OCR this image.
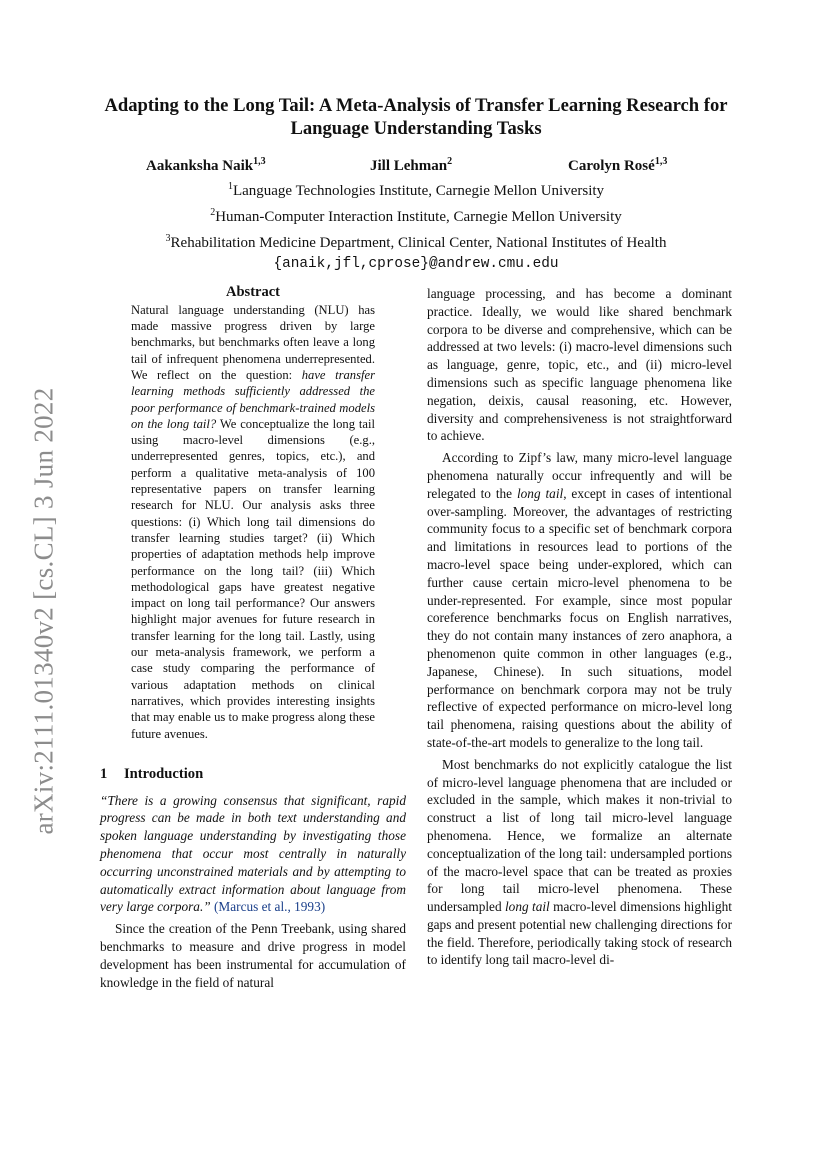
arXiv:2111.01340v2 [cs.CL] 3 Jun 2022
Adapting to the Long Tail: A Meta-Analysis of Transfer Learning Research for Language Understanding Tasks
Aakanksha Naik$^{1,3}$	Jill Lehman$^2$	Carolyn Rosé$^{1,3}$
$^1$Language Technologies Institute, Carnegie Mellon University
$^2$Human-Computer Interaction Institute, Carnegie Mellon University
$^3$Rehabilitation Medicine Department, Clinical Center, National Institutes of Health
{anaik,jfl,cprose}@andrew.cmu.edu

Abstract

Natural language understanding (NLU) has made massive progress driven by large benchmarks, but benchmarks often leave a long tail of infrequent phenomena underrepresented. We reflect on the question: have transfer learning methods sufficiently addressed the poor performance of benchmark-trained models on the long tail? We conceptualize the long tail using macro-level dimensions (e.g., underrepresented genres, topics, etc.), and perform a qualitative meta-analysis of 100 representative papers on transfer learning research for NLU. Our analysis asks three questions: (i) Which long tail dimensions do transfer learning studies target? (ii) Which properties of adaptation methods help improve performance on the long tail? (iii) Which methodological gaps have greatest negative impact on long tail performance? Our answers highlight major avenues for future research in transfer learning for the long tail. Lastly, using our meta-analysis framework, we perform a case study comparing the performance of various adaptation methods on clinical narratives, which provides interesting insights that may enable us to make progress along these future avenues.

1 Introduction

“There is a growing consensus that significant, rapid progress can be made in both text understanding and spoken language understanding by investigating those phenomena that occur most centrally in naturally occurring unconstrained materials and by attempting to automatically extract information about language from very large corpora.” (Marcus et al., 1993)

Since the creation of the Penn Treebank, using shared benchmarks to measure and drive progress in model development has been instrumental for accumulation of knowledge in the field of natural

language processing, and has become a dominant practice. Ideally, we would like shared benchmark corpora to be diverse and comprehensive, which can be addressed at two levels: (i) macro-level dimensions such as language, genre, topic, etc., and (ii) micro-level dimensions such as specific language phenomena like negation, deixis, causal reasoning, etc. However, diversity and comprehensiveness is not straightforward to achieve.

According to Zipf’s law, many micro-level language phenomena naturally occur infrequently and will be relegated to the long tail, except in cases of intentional over-sampling. Moreover, the advantages of restricting community focus to a specific set of benchmark corpora and limitations in resources lead to portions of the macro-level space being under-explored, which can further cause certain micro-level phenomena to be under-represented. For example, since most popular coreference benchmarks focus on English narratives, they do not contain many instances of zero anaphora, a phenomenon quite common in other languages (e.g., Japanese, Chinese). In such situations, model performance on benchmark corpora may not be truly reflective of expected performance on micro-level long tail phenomena, raising questions about the ability of state-of-the-art models to generalize to the long tail.

Most benchmarks do not explicitly catalogue the list of micro-level language phenomena that are included or excluded in the sample, which makes it non-trivial to construct a list of long tail micro-level language phenomena. Hence, we formalize an alternate conceptualization of the long tail: undersampled portions of the macro-level space that can be treated as proxies for long tail micro-level phenomena. These undersampled long tail macro-level dimensions highlight gaps and present potential new challenging directions for the field. Therefore, periodically taking stock of research to identify long tail macro-level di-
